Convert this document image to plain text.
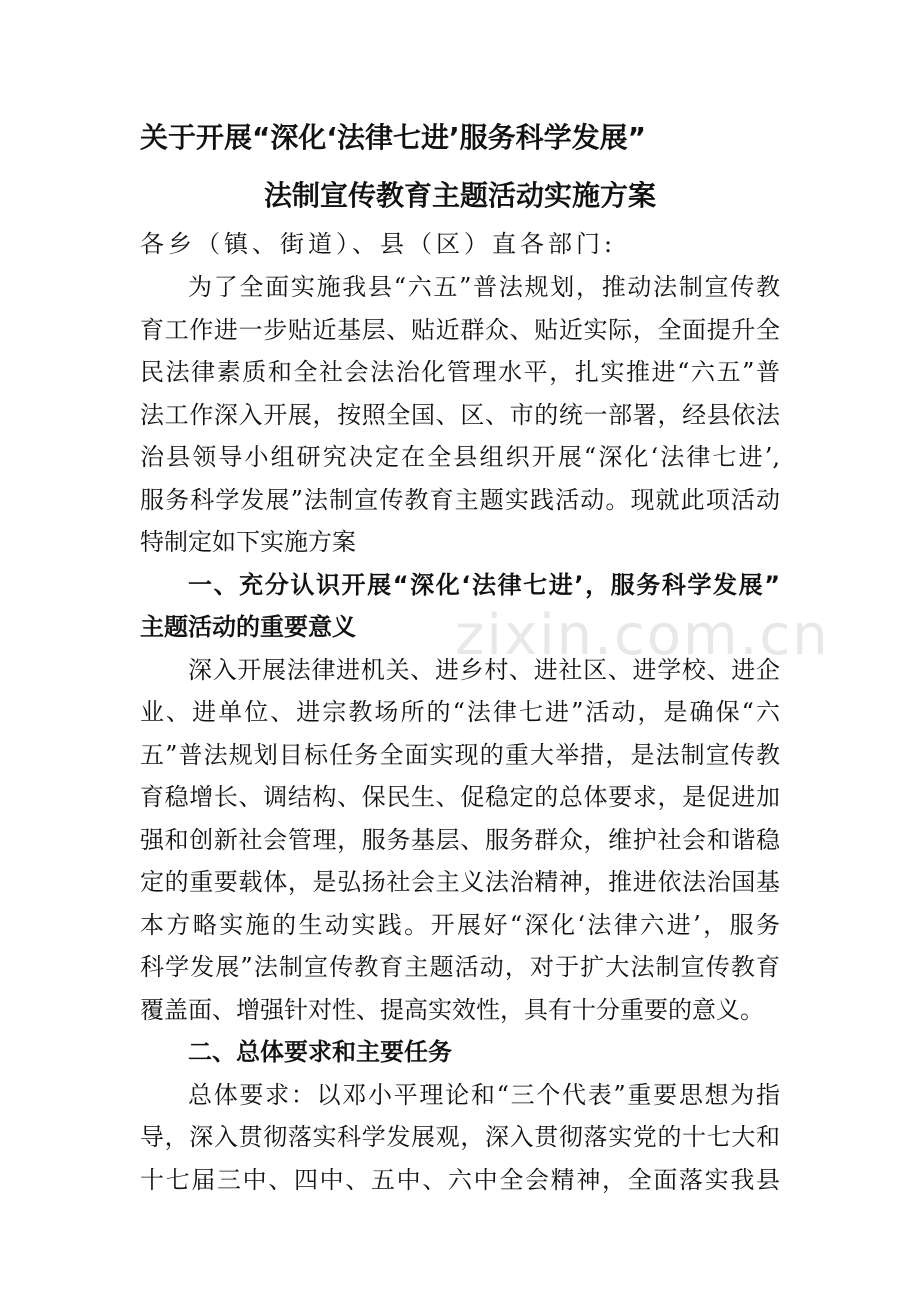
关于开展“深化‘法律七进’服务科学发展”
法制宣传教育主题活动实施方案
各乡（镇、街道）、县（区）直各部门:
为了全面实施我县“六五”普法规划，推动法制宣传教
育工作进一步贴近基层、贴近群众、贴近实际，全面提升全
民法律素质和全社会法治化管理水平，扎实推进“六五”普
法工作深入开展，按照全国、区、市的统一部署，经县依法
治县领导小组研究决定在全县组织开展“深化‘法律七进’,
服务科学发展”法制宣传教育主题实践活动。现就此项活动
特制定如下实施方案
一、充分认识开展“深化‘法律七进’，服务科学发展”
主题活动的重要意义
深入开展法律进机关、进乡村、进社区、进学校、进企
业、进单位、进宗教场所的“法律七进”活动，是确保“六
五”普法规划目标任务全面实现的重大举措，是法制宣传教
育稳增长、调结构、保民生、促稳定的总体要求，是促进加
强和创新社会管理，服务基层、服务群众，维护社会和谐稳
定的重要载体，是弘扬社会主义法治精神，推进依法治国基
本方略实施的生动实践。开展好“深化‘法律六进’，服务
科学发展”法制宣传教育主题活动，对于扩大法制宣传教育
覆盖面、增强针对性、提高实效性，具有十分重要的意义。
二、总体要求和主要任务
总体要求：以邓小平理论和“三个代表”重要思想为指
导，深入贯彻落实科学发展观，深入贯彻落实党的十七大和
十七届三中、四中、五中、六中全会精神，全面落实我县
zixin.com.cn
